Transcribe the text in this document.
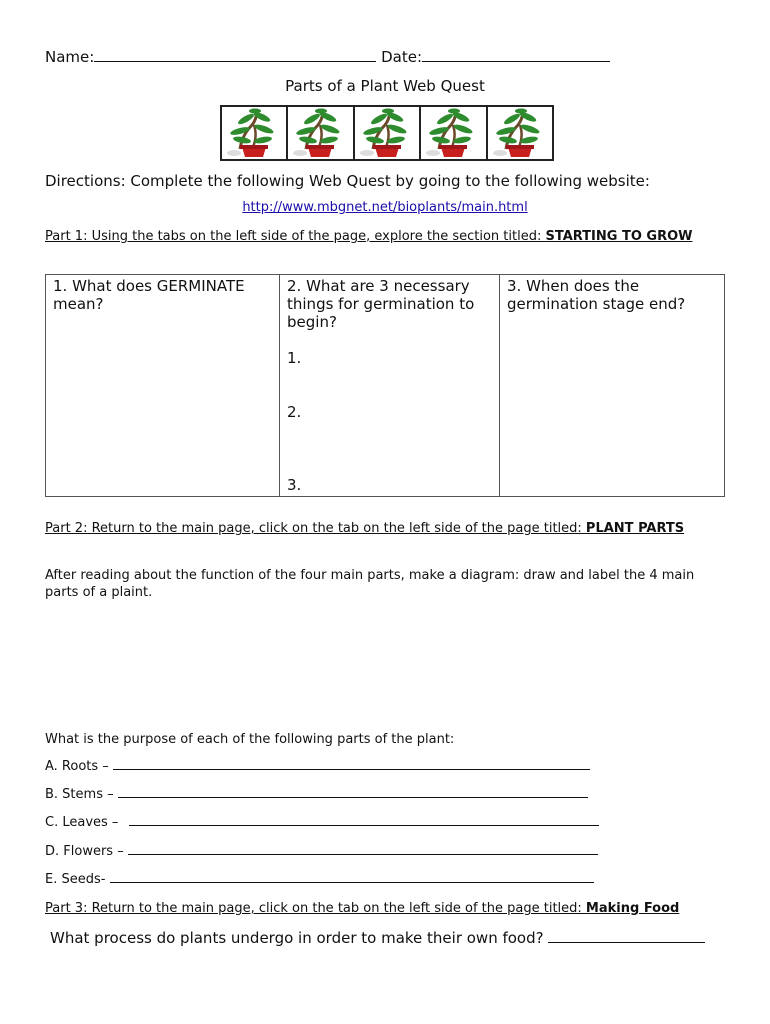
Name:	Date:
Parts of a Plant Web Quest
Directions: Complete the following Web Quest by going to the following website:
http://www.mbgnet.net/bioplants/main.html
Part 1: Using the tabs on the left side of the page, explore the section titled: STARTING TO GROW
1. What does GERMINATE mean?

2. What are 3 necessary things for germination to begin?
1.
2.
3.

3. When does the germination stage end?
Part 2: Return to the main page, click on the tab on the left side of the page titled: PLANT PARTS
After reading about the function of the four main parts, make a diagram: draw and label the 4 main parts of a plaint.
What is the purpose of each of the following parts of the plant:
A. Roots –
B. Stems –
C. Leaves –
D. Flowers –
E. Seeds-
Part 3: Return to the main page, click on the tab on the left side of the page titled: Making Food
What process do plants undergo in order to make their own food?
